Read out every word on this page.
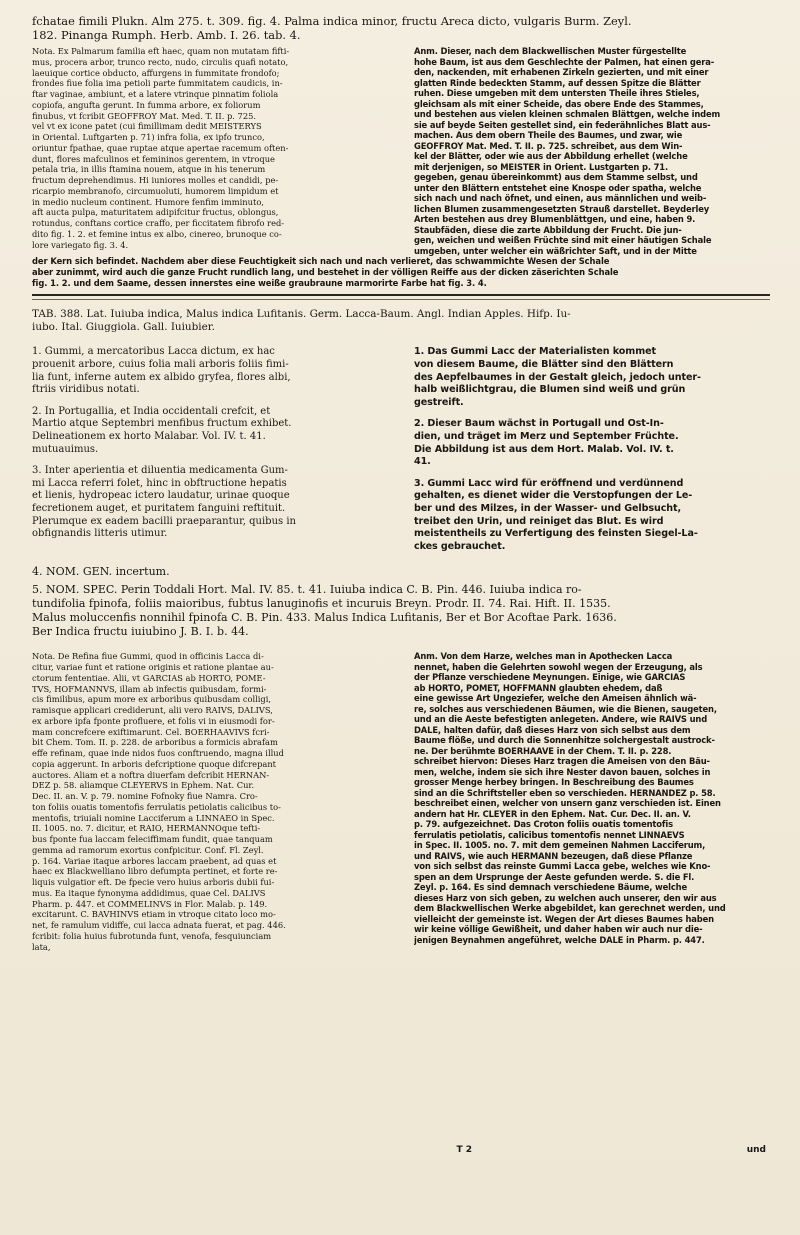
fchatae fimili Plukn. Alm 275. t. 309. fig. 4. Palma indica minor, fructu Areca dicto, vulgaris Burm. Zeyl.

182. Pinanga Rumph. Herb. Amb. I. 26. tab. 4.

Nota. Ex Palmarum familia eft haec, quam non mutatam fifti-

mus, procera arbor, trunco recto, nudo, circulis quafi notato,

laeuique cortice obducto, affurgens in fummitate frondofo;

frondes fiue folia ima petioli parte fummitatem caudicis, in-

ftar vaginae, ambiunt, et a latere vtrinque pinnatim foliola

copiofa, angufta gerunt. In fumma arbore, ex foliorum

finubus, vt fcribit GEOFFROY Mat. Med. T. II. p. 725.

vel vt ex icone patet (cui fimillimam dedit MEISTERYS

in Oriental. Luftgarten p. 71) infra folia, ex ipfo trunco,

oriuntur fpathae, quae ruptae atque apertae racemum often-

dunt, flores mafculinos et femininos gerentem, in vtroque

petala tria, in illis ftamina nouem, atque in his tenerum

fructum deprehendimus. Hi iuniores molles et candidi, pe-

ricarpio membranofo, circumuoluti, humorem limpidum et

in medio nucleum continent. Humore fenfim imminuto,

aft aucta pulpa, maturitatem adipifcitur fructus, oblongus,

rotundus, conftans cortice craffo, per ficcitatem fibrofo red-

dito fig. 1. 2. et femine intus ex albo, cinereo, brunoque co-

lore variegato fig. 3. 4.

Anm. Dieser, nach dem Blackwellischen Muster fürgestellte

hohe Baum, ist aus dem Geschlechte der Palmen, hat einen gera-

den, nackenden, mit erhabenen Zirkeln gezierten, und mit einer

glatten Rinde bedeckten Stamm, auf dessen Spitze die Blätter

ruhen. Diese umgeben mit dem untersten Theile ihres Stieles,

gleichsam als mit einer Scheide, das obere Ende des Stammes,

und bestehen aus vielen kleinen schmalen Blättgen, welche indem

sie auf beyde Seiten gestellet sind, ein federähnliches Blatt aus-

machen. Aus dem obern Theile des Baumes, und zwar, wie

GEOFFROY Mat. Med. T. II. p. 725. schreibet, aus dem Win-

kel der Blätter, oder wie aus der Abbildung erhellet (welche

mit derjenigen, so MEISTER in Orient. Lustgarten p. 71.

gegeben, genau übereinkommt) aus dem Stamme selbst, und

unter den Blättern entstehet eine Knospe oder spatha, welche

sich nach und nach öfnet, und einen, aus männlichen und weib-

lichen Blumen zusammengesetzten Strauß darstellet. Beyderley

Arten bestehen aus drey Blumenblättgen, und eine, haben 9.

Staubfäden, diese die zarte Abbildung der Frucht. Die jun-

gen, weichen und weißen Früchte sind mit einer häutigen Schale

umgeben, unter welcher ein wäßrichter Saft, und in der Mitte

der Kern sich befindet. Nachdem aber diese Feuchtigkeit sich nach und nach verlieret, das schwammichte Wesen der Schale

aber zunimmt, wird auch die ganze Frucht rundlich lang, und bestehet in der völligen Reiffe aus der dicken zäserichten Schale

fig. 1. 2. und dem Saame, dessen innerstes eine weiße graubraune marmorirte Farbe hat fig. 3. 4.

TAB. 388. Lat. Iuiuba indica, Malus indica Lufitanis. Germ. Lacca-Baum. Angl. Indian Apples. Hifp. Iu-

iubo. Ital. Giuggiola. Gall. Iuiubier.

1. Gummi, a mercatoribus Lacca dictum, ex hac

prouenit arbore, cuius folia mali arboris foliis fimi-

lia funt, inferne autem ex albido gryfea, flores albi,

ftriis viridibus notati.

2. In Portugallia, et India occidentali crefcit, et

Martio atque Septembri menfibus fructum exhibet.

Delineationem ex horto Malabar. Vol. IV. t. 41.

mutuauimus.

3. Inter aperientia et diluentia medicamenta Gum-

mi Lacca referri folet, hinc in obftructione hepatis

et lienis, hydropeac ictero laudatur, urinae quoque

fecretionem auget, et puritatem fanguini reftituit.

Plerumque ex eadem bacilli praeparantur, quibus in

obfignandis litteris utimur.

1. Das Gummi Lacc der Materialisten kommet

von diesem Baume, die Blätter sind den Blättern

des Aepfelbaumes in der Gestalt gleich, jedoch unter-

halb weißlichtgrau, die Blumen sind weiß und grün

gestreift.

2. Dieser Baum wächst in Portugall und Ost-In-

dien, und träget im Merz und September Früchte.

Die Abbildung ist aus dem Hort. Malab. Vol. IV. t.

41.

3. Gummi Lacc wird für eröffnend und verdünnend

gehalten, es dienet wider die Verstopfungen der Le-

ber und des Milzes, in der Wasser- und Gelbsucht,

treibet den Urin, und reiniget das Blut. Es wird

meistentheils zu Verfertigung des feinsten Siegel-La-

ckes gebrauchet.

4. NOM. GEN. incertum.

5. NOM. SPEC. Perin Toddali Hort. Mal. IV. 85. t. 41. Iuiuba indica C. B. Pin. 446. Iuiuba indica ro-

tundifolia fpinofa, foliis maioribus, fubtus lanuginofis et incuruis Breyn. Prodr. II. 74. Rai. Hift. II. 1535.

Malus moluccenfis nonnihil fpinofa C. B. Pin. 433. Malus Indica Lufitanis, Ber et Bor Acoftae Park. 1636.

Ber Indica fructu iuiubino J. B. I. b. 44.

Nota. De Refina fiue Gummi, quod in officinis Lacca di-

citur, variae funt et ratione originis et ratione plantae au-

ctorum fententiae. Alii, vt GARCIAS ab HORTO, POME-

TVS, HOFMANNVS, illam ab infectis quibusdam, formi-

cis fimilibus, apum more ex arboribus quibusdam colligi,

ramisque applicari crediderunt, alii vero RAIVS, DALIVS,

ex arbore ipfa fponte profluere, et folis vi in eiusmodi for-

mam concrefcere exiftimarunt. Cel. BOERHAAVIVS fcri-

bit Chem. Tom. II. p. 228. de arboribus a formicis abrafam

effe refinam, quae inde nidos fuos conftruendo, magna illud

copia aggerunt. In arboris defcriptione quoque difcrepant

auctores. Aliam et a noftra diuerfam defcribit HERNAN-

DEZ p. 58. aliamque CLEYERVS in Ephem. Nat. Cur.

Dec. II. an. V. p. 79. nomine Fofnoky fiue Namra. Cro-

ton foliis ouatis tomentofis ferrulatis petiolatis calicibus to-

mentofis, triuiali nomine Lacciferum a LINNAEO in Spec.

II. 1005. no. 7. dicitur, et RAIO, HERMANNOque tefti-

bus fponte fua laccam feleciffimam fundit, quae tanquam

gemma ad ramorum exortus confpicitur. Conf. Fl. Zeyl.

p. 164. Variae itaque arbores laccam praebent, ad quas et

haec ex Blackwelliano libro defumpta pertinet, et forte re-

liquis vulgatior eft. De fpecie vero huius arboris dubii fui-

mus. Ea itaque fynonyma addidimus, quae Cel. DALIVS

Pharm. p. 447. et COMMELINVS in Flor. Malab. p. 149.

excitarunt. C. BAVHINVS etiam in vtroque citato loco mo-

net, fe ramulum vidiffe, cui lacca adnata fuerat, et pag. 446.

fcribit: folia huius fubrotunda funt, venofa, fesquiunciam

lata,

Anm. Von dem Harze, welches man in Apothecken Lacca

nennet, haben die Gelehrten sowohl wegen der Erzeugung, als

der Pflanze verschiedene Meynungen. Einige, wie GARCIAS

ab HORTO, POMET, HOFFMANN glaubten ehedem, daß

eine gewisse Art Ungeziefer, welche den Ameisen ähnlich wä-

re, solches aus verschiedenen Bäumen, wie die Bienen, saugeten,

und an die Aeste befestigten anlegeten. Andere, wie RAIVS und

DALE, halten dafür, daß dieses Harz von sich selbst aus dem

Baume flöße, und durch die Sonnenhitze solchergestalt austrock-

ne. Der berühmte BOERHAAVE in der Chem. T. II. p. 228.

schreibet hiervon: Dieses Harz tragen die Ameisen von den Bäu-

men, welche, indem sie sich ihre Nester davon bauen, solches in

grosser Menge herbey bringen. In Beschreibung des Baumes

sind an die Schriftsteller eben so verschieden. HERNANDEZ p. 58.

beschreibet einen, welcher von unsern ganz verschieden ist. Einen

andern hat Hr. CLEYER in den Ephem. Nat. Cur. Dec. II. an. V.

p. 79. aufgezeichnet. Das Croton foliis ouatis tomentofis

ferrulatis petiolatis, calicibus tomentofis nennet LINNAEVS

in Spec. II. 1005. no. 7. mit dem gemeinen Nahmen Lacciferum,

und RAIVS, wie auch HERMANN bezeugen, daß diese Pflanze

von sich selbst das reinste Gummi Lacca gebe, welches wie Kno-

spen an dem Ursprunge der Aeste gefunden werde. S. die Fl.

Zeyl. p. 164. Es sind demnach verschiedene Bäume, welche

dieses Harz von sich geben, zu welchen auch unserer, den wir aus

dem Blackwellischen Werke abgebildet, kan gerechnet werden, und

vielleicht der gemeinste ist. Wegen der Art dieses Baumes haben

wir keine völlige Gewißheit, und daher haben wir auch nur die-

jenigen Beynahmen angeführet, welche DALE in Pharm. p. 447.

T 2	und
